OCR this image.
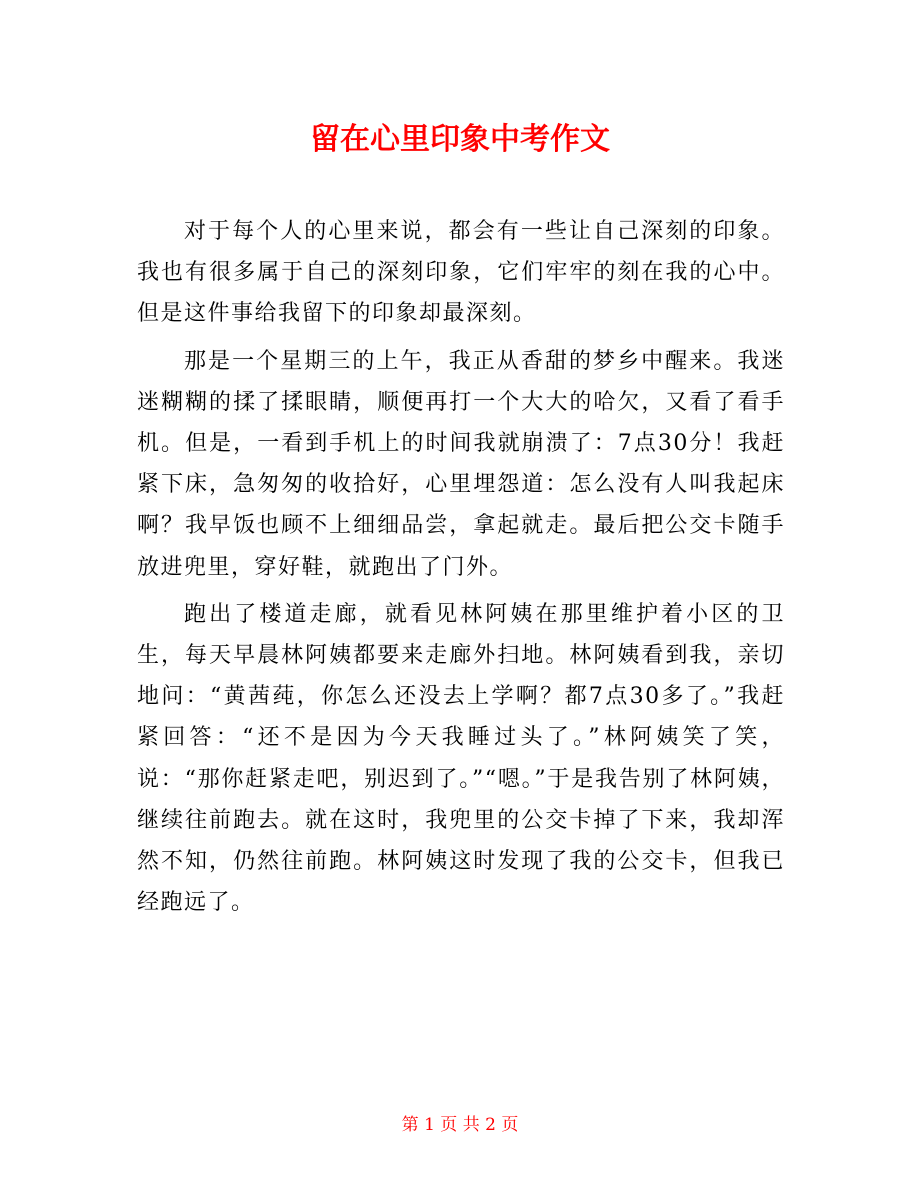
留在心里印象中考作文

对于每个人的心里来说，都会有一些让自己深刻的印象。我也有很多属于自己的深刻印象，它们牢牢的刻在我的心中。但是这件事给我留下的印象却最深刻。

那是一个星期三的上午，我正从香甜的梦乡中醒来。我迷迷糊糊的揉了揉眼睛，顺便再打一个大大的哈欠，又看了看手机。但是，一看到手机上的时间我就崩溃了：7点30分！我赶紧下床，急匆匆的收拾好，心里埋怨道：怎么没有人叫我起床啊？我早饭也顾不上细细品尝，拿起就走。最后把公交卡随手放进兜里，穿好鞋，就跑出了门外。

跑出了楼道走廊，就看见林阿姨在那里维护着小区的卫生，每天早晨林阿姨都要来走廊外扫地。林阿姨看到我，亲切地问：“黄茜莼，你怎么还没去上学啊？都7点30多了。”我赶紧回答：“还不是因为今天我睡过头了。”林阿姨笑了笑，说：“那你赶紧走吧，别迟到了。”“嗯。”于是我告别了林阿姨，继续往前跑去。就在这时，我兜里的公交卡掉了下来，我却浑然不知，仍然往前跑。林阿姨这时发现了我的公交卡，但我已经跑远了。

第 1 页 共 2 页
